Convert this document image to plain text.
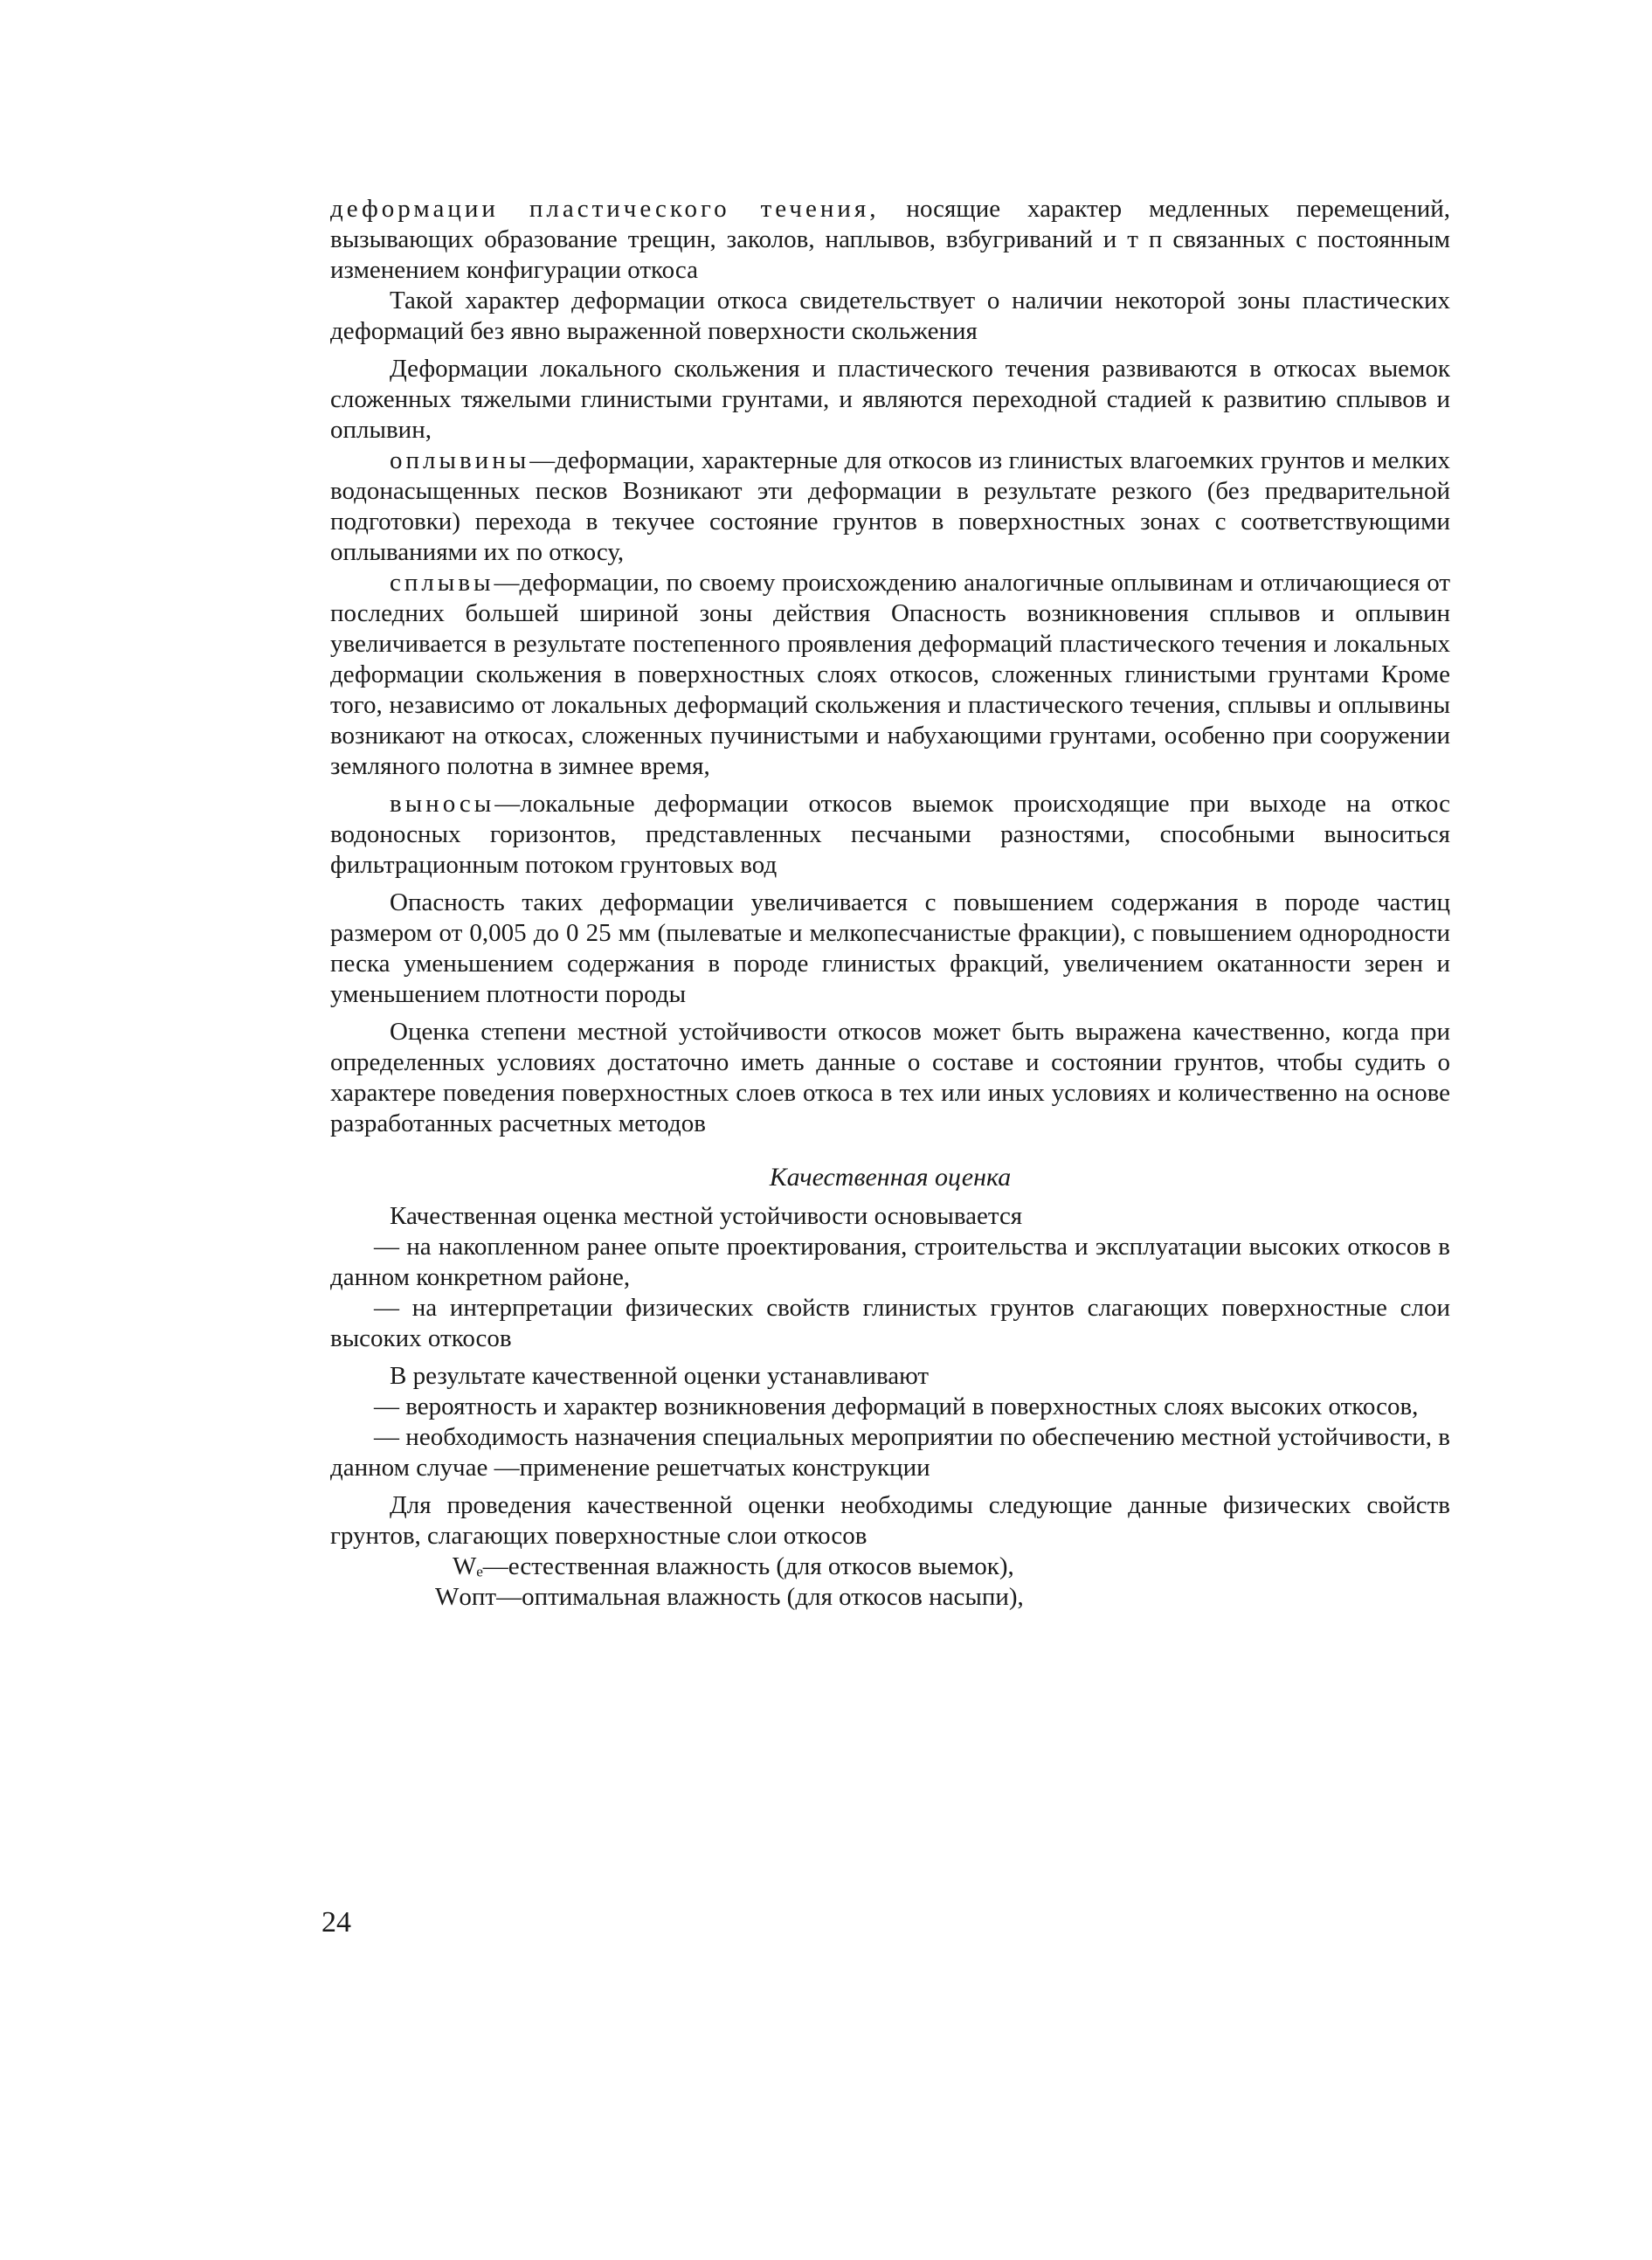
деформации пластического течения, носящие характер медленных перемещений, вызывающих образование трещин, заколов, наплывов, взбугриваний и т п связанных с постоянным изменением конфигурации откоса

Такой характер деформации откоса свидетельствует о наличии некоторой зоны пластических деформаций без явно выраженной поверхности скольжения

Деформации локального скольжения и пластического течения развиваются в откосах выемок сложенных тяжелыми глинистыми грунтами, и являются переходной стадией к развитию сплывов и оплывин,

оплывины—деформации, характерные для откосов из глинистых влагоемких грунтов и мелких водонасыщенных песков Возникают эти деформации в результате резкого (без предварительной подготовки) перехода в текучее состояние грунтов в поверхностных зонах с соответствующими оплываниями их по откосу,

сплывы—деформации, по своему происхождению аналогичные оплывинам и отличающиеся от последних большей шириной зоны действия Опасность возникновения сплывов и оплывин увеличивается в результате постепенного проявления деформаций пластического течения и локальных деформации скольжения в поверхностных слоях откосов, сложенных глинистыми грунтами Кроме того, независимо от локальных деформаций скольжения и пластического течения, сплывы и оплывины возникают на откосах, сложенных пучинистыми и набухающими грунтами, особенно при сооружении земляного полотна в зимнее время,

выносы—локальные деформации откосов выемок происходящие при выходе на откос водоносных горизонтов, представленных песчаными разностями, способными выноситься фильтрационным потоком грунтовых вод

Опасность таких деформации увеличивается с повышением содержания в породе частиц размером от 0,005 до 0 25 мм (пылеватые и мелкопесчанистые фракции), с повышением однородности песка уменьшением содержания в породе глинистых фракций, увеличением окатанности зерен и уменьшением плотности породы

Оценка степени местной устойчивости откосов может быть выражена качественно, когда при определенных условиях достаточно иметь данные о составе и состоянии грунтов, чтобы судить о характере поведения поверхностных слоев откоса в тех или иных условиях и количественно на основе разработанных расчетных методов

Качественная оценка

Качественная оценка местной устойчивости основывается

— на накопленном ранее опыте проектирования, строительства и эксплуатации высоких откосов в данном конкретном районе,

— на интерпретации физических свойств глинистых грунтов слагающих поверхностные слои высоких откосов

В результате качественной оценки устанавливают

— вероятность и характер возникновения деформаций в поверхностных слоях высоких откосов,

— необходимость назначения специальных мероприятии по обеспечению местной устойчивости, в данном случае —применение решетчатых конструкции

Для проведения качественной оценки необходимы следующие данные физических свойств грунтов, слагающих поверхностные слои откосов

Wₑ—естественная влажность (для откосов выемок),

Wопт—оптимальная влажность (для откосов насыпи),

24
